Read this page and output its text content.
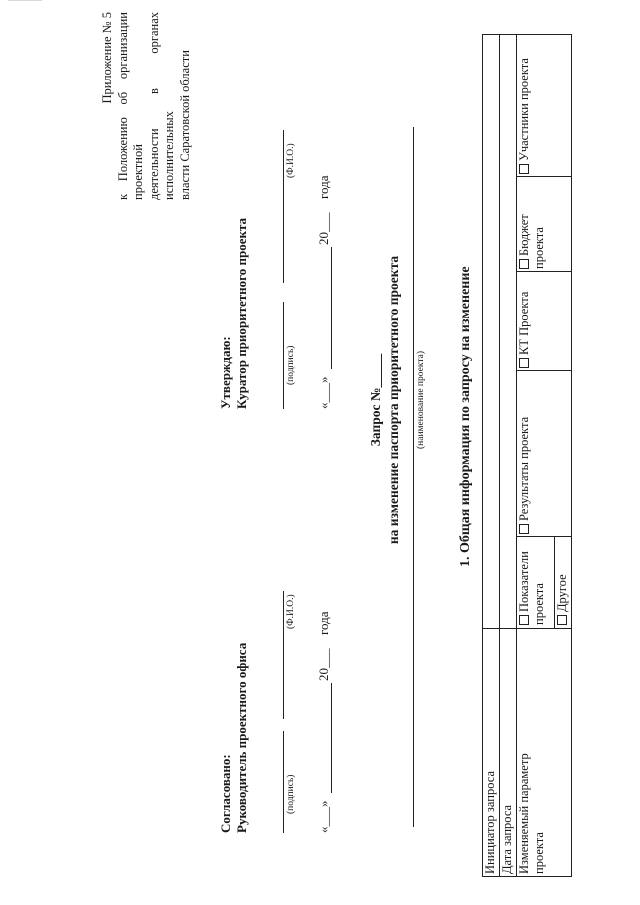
Приложение № 5 к Положению об организации проектной деятельности в органах исполнительных власти Саратовской области
Утверждаю: Куратор приоритетного проекта	(подпись)
(Ф.И.О.)
«___»
20___
года
Согласовано: Руководитель проектного офиса	(подпись)
(Ф.И.О.)
«___»
20___
года
Запрос №_____ на изменение паспорта приоритетного проекта (наименование проекта) 1. Общая информация по запросу на изменение
Инициатор запроса Дата запроса Изменяемый параметр проекта
Показатели проекта
Результаты проекта
КТ Проекта
Бюджет проекта
Участники проекта
Другое
